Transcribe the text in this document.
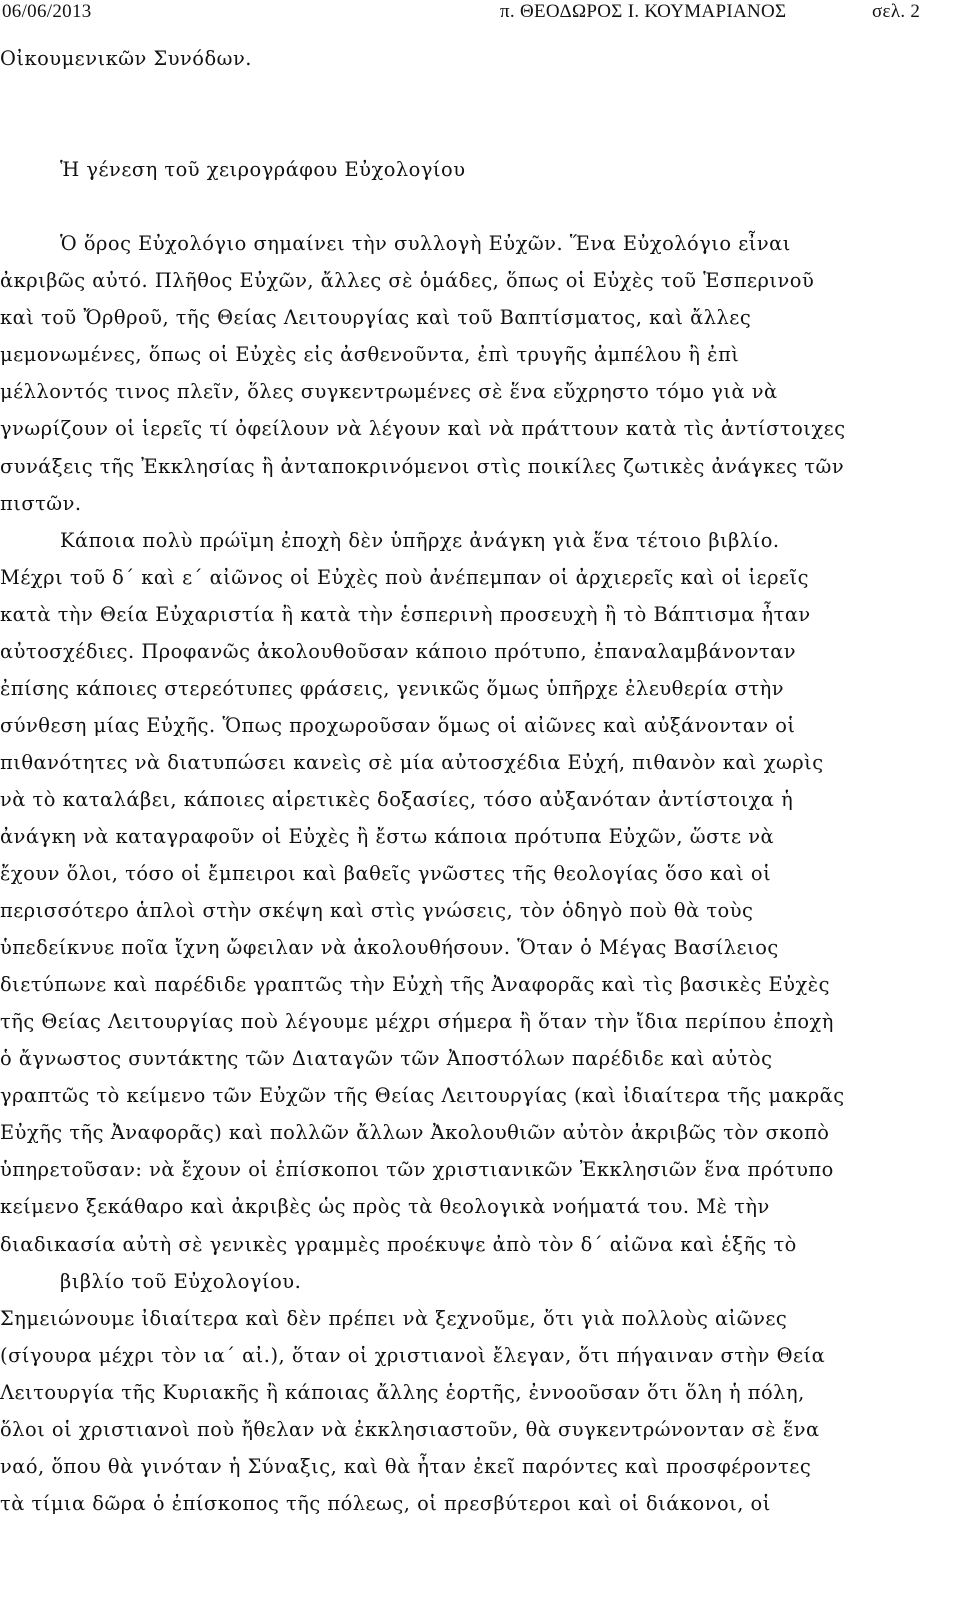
06/06/2013	π. ΘΕΟΔΩΡΟΣ Ι. ΚΟΥΜΑΡΙΑΝΟΣ	σελ. 2
Οἰκουμενικῶν Συνόδων.
Ἡ γένεση τοῦ χειρογράφου Εὐχολογίου
Ὁ ὅρος Εὐχολόγιο σημαίνει τὴν συλλογὴ Εὐχῶν. Ἕνα Εὐχολόγιο εἶναι
ἀκριβῶς αὐτό. Πλῆθος Εὐχῶν, ἄλλες σὲ ὁμάδες, ὅπως οἱ Εὐχὲς τοῦ Ἑσπερινοῦ
καὶ τοῦ Ὄρθροῦ, τῆς Θείας Λειτουργίας καὶ τοῦ Βαπτίσματος, καὶ ἄλλες
μεμονωμένες, ὅπως οἱ Εὐχὲς εἰς ἀσθενοῦντα, ἐπὶ τρυγῆς ἀμπέλου ἢ ἐπὶ
μέλλοντός τινος πλεῖν, ὅλες συγκεντρωμένες σὲ ἕνα εὔχρηστο τόμο γιὰ νὰ
γνωρίζουν οἱ ἱερεῖς τί ὀφείλουν νὰ λέγουν καὶ νὰ πράττουν κατὰ τὶς ἀντίστοιχες
συνάξεις τῆς Ἐκκλησίας ἢ ἀνταποκρινόμενοι στὶς ποικίλες ζωτικὲς ἀνάγκες τῶν
πιστῶν.
Κάποια πολὺ πρώϊμη ἐποχὴ δὲν ὑπῆρχε ἀνάγκη γιὰ ἕνα τέτοιο βιβλίο.
Μέχρι τοῦ δ΄ καὶ ε΄ αἰῶνος οἱ Εὐχὲς ποὺ ἀνέπεμπαν οἱ ἀρχιερεῖς καὶ οἱ ἱερεῖς
κατὰ τὴν Θεία Εὐχαριστία ἢ κατὰ τὴν ἑσπερινὴ προσευχὴ ἢ τὸ Βάπτισμα ἦταν
αὐτοσχέδιες. Προφανῶς ἀκολουθοῦσαν κάποιο πρότυπο, ἐπαναλαμβάνονταν
ἐπίσης κάποιες στερεότυπες φράσεις, γενικῶς ὅμως ὑπῆρχε ἐλευθερία στὴν
σύνθεση μίας Εὐχῆς. Ὅπως προχωροῦσαν ὅμως οἱ αἰῶνες καὶ αὐξάνονταν οἱ
πιθανότητες νὰ διατυπώσει κανεὶς σὲ μία αὐτοσχέδια Εὐχή, πιθανὸν καὶ χωρὶς
νὰ τὸ καταλάβει, κάποιες αἱρετικὲς δοξασίες, τόσο αὐξανόταν ἀντίστοιχα ἡ
ἀνάγκη νὰ καταγραφοῦν οἱ Εὐχὲς ἢ ἔστω κάποια πρότυπα Εὐχῶν, ὥστε νὰ
ἔχουν ὅλοι, τόσο οἱ ἔμπειροι καὶ βαθεῖς γνῶστες τῆς θεολογίας ὅσο καὶ οἱ
περισσότερο ἁπλοὶ στὴν σκέψη καὶ στὶς γνώσεις, τὸν ὁδηγὸ ποὺ θὰ τοὺς
ὑπεδείκνυε ποῖα ἴχνη ὤφειλαν νὰ ἀκολουθήσουν. Ὅταν ὁ Μέγας Βασίλειος
διετύπωνε καὶ παρέδιδε γραπτῶς τὴν Εὐχὴ τῆς Ἀναφορᾶς καὶ τὶς βασικὲς Εὐχὲς
τῆς Θείας Λειτουργίας ποὺ λέγουμε μέχρι σήμερα ἢ ὅταν τὴν ἴδια περίπου ἐποχὴ
ὁ ἄγνωστος συντάκτης τῶν Διαταγῶν τῶν Ἀποστόλων παρέδιδε καὶ αὐτὸς
γραπτῶς τὸ κείμενο τῶν Εὐχῶν τῆς Θείας Λειτουργίας (καὶ ἰδιαίτερα τῆς μακρᾶς
Εὐχῆς τῆς Ἀναφορᾶς) καὶ πολλῶν ἄλλων Ἀκολουθιῶν αὐτὸν ἀκριβῶς τὸν σκοπὸ
ὑπηρετοῦσαν: νὰ ἔχουν οἱ ἐπίσκοποι τῶν χριστιανικῶν Ἐκκλησιῶν ἕνα πρότυπο
κείμενο ξεκάθαρο καὶ ἀκριβὲς ὡς πρὸς τὰ θεολογικὰ νοήματά του. Μὲ τὴν
διαδικασία αὐτὴ σὲ γενικὲς γραμμὲς προέκυψε ἀπὸ τὸν δ΄ αἰῶνα καὶ ἑξῆς τὸ
βιβλίο τοῦ Εὐχολογίου.
Σημειώνουμε ἰδιαίτερα καὶ δὲν πρέπει νὰ ξεχνοῦμε, ὅτι γιὰ πολλοὺς αἰῶνες
(σίγουρα μέχρι τὸν ια΄ αἰ.), ὅταν οἱ χριστιανοὶ ἔλεγαν, ὅτι πήγαιναν στὴν Θεία
Λειτουργία τῆς Κυριακῆς ἢ κάποιας ἄλλης ἑορτῆς, ἐννοοῦσαν ὅτι ὅλη ἡ πόλη,
ὅλοι οἱ χριστιανοὶ ποὺ ἤθελαν νὰ ἐκκλησιαστοῦν, θὰ συγκεντρώνονταν σὲ ἕνα
ναό, ὅπου θὰ γινόταν ἡ Σύναξις, καὶ θὰ ἦταν ἐκεῖ παρόντες καὶ προσφέροντες
τὰ τίμια δῶρα ὁ ἐπίσκοπος τῆς πόλεως, οἱ πρεσβύτεροι καὶ οἱ διάκονοι, οἱ
